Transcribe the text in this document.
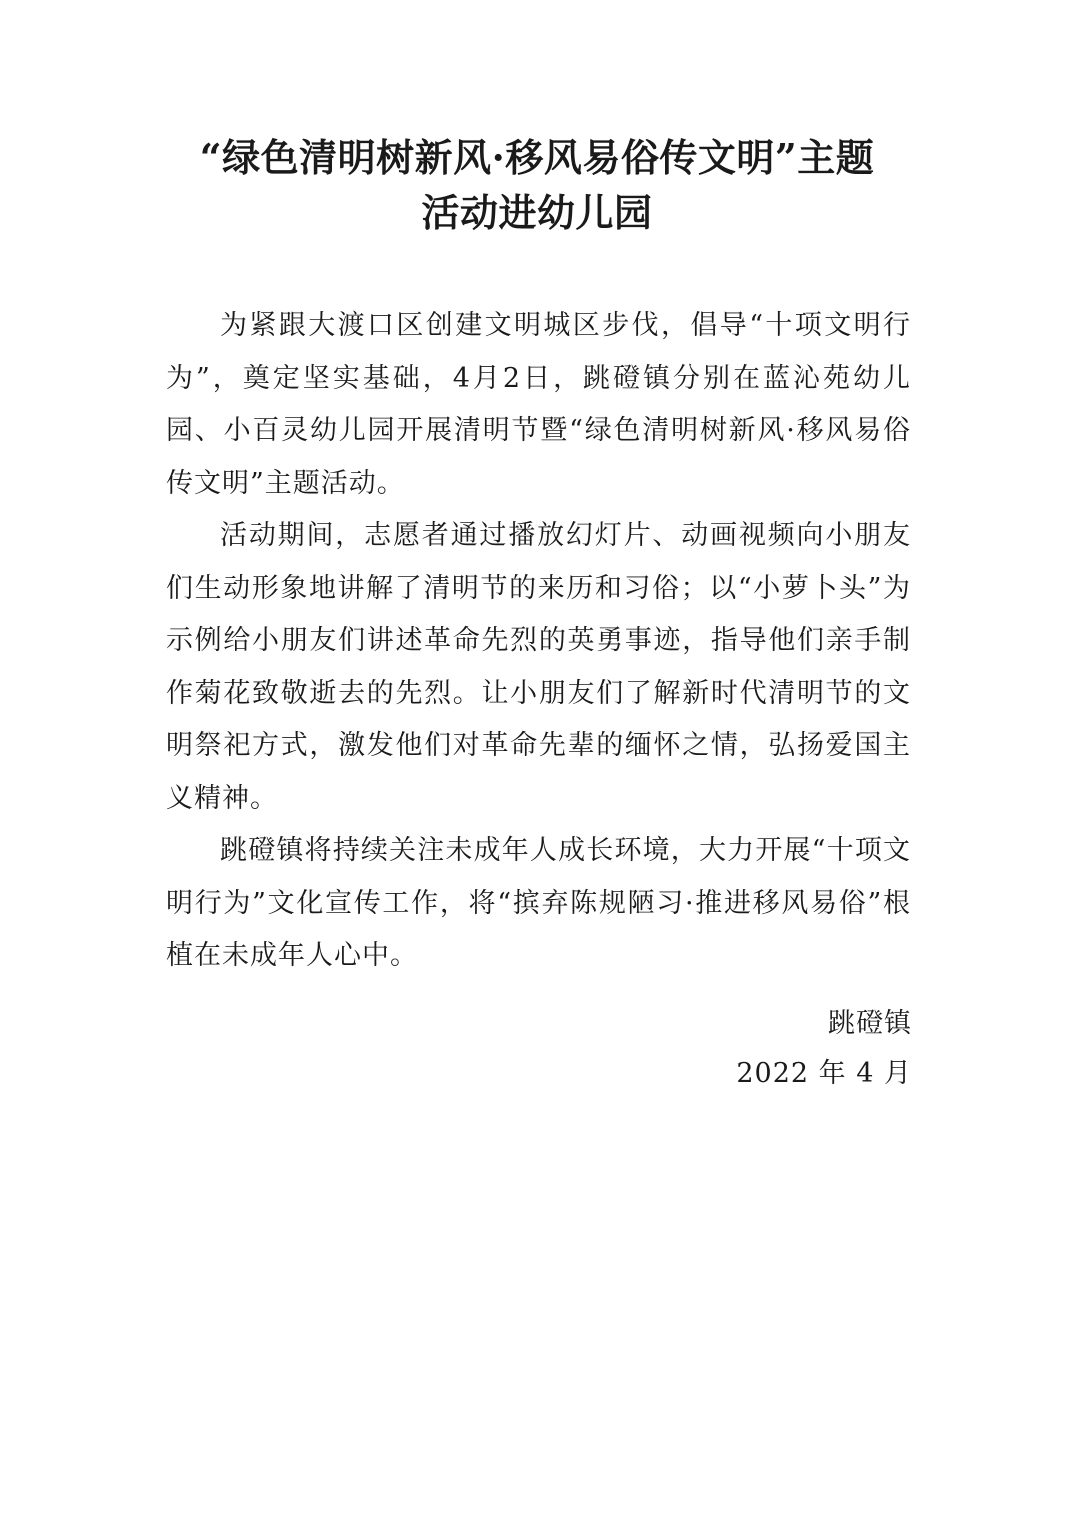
“绿色清明树新风·移风易俗传文明”主题
活动进幼儿园

为紧跟大渡口区创建文明城区步伐，倡导“十项文明行为”，奠定坚实基础，4月2日，跳磴镇分别在蓝沁苑幼儿园、小百灵幼儿园开展清明节暨“绿色清明树新风·移风易俗传文明”主题活动。

活动期间，志愿者通过播放幻灯片、动画视频向小朋友们生动形象地讲解了清明节的来历和习俗；以“小萝卜头”为示例给小朋友们讲述革命先烈的英勇事迹，指导他们亲手制作菊花致敬逝去的先烈。让小朋友们了解新时代清明节的文明祭祀方式，激发他们对革命先辈的缅怀之情，弘扬爱国主义精神。

跳磴镇将持续关注未成年人成长环境，大力开展“十项文明行为”文化宣传工作，将“摈弃陈规陋习·推进移风易俗”根植在未成年人心中。

跳磴镇
2022 年 4 月
